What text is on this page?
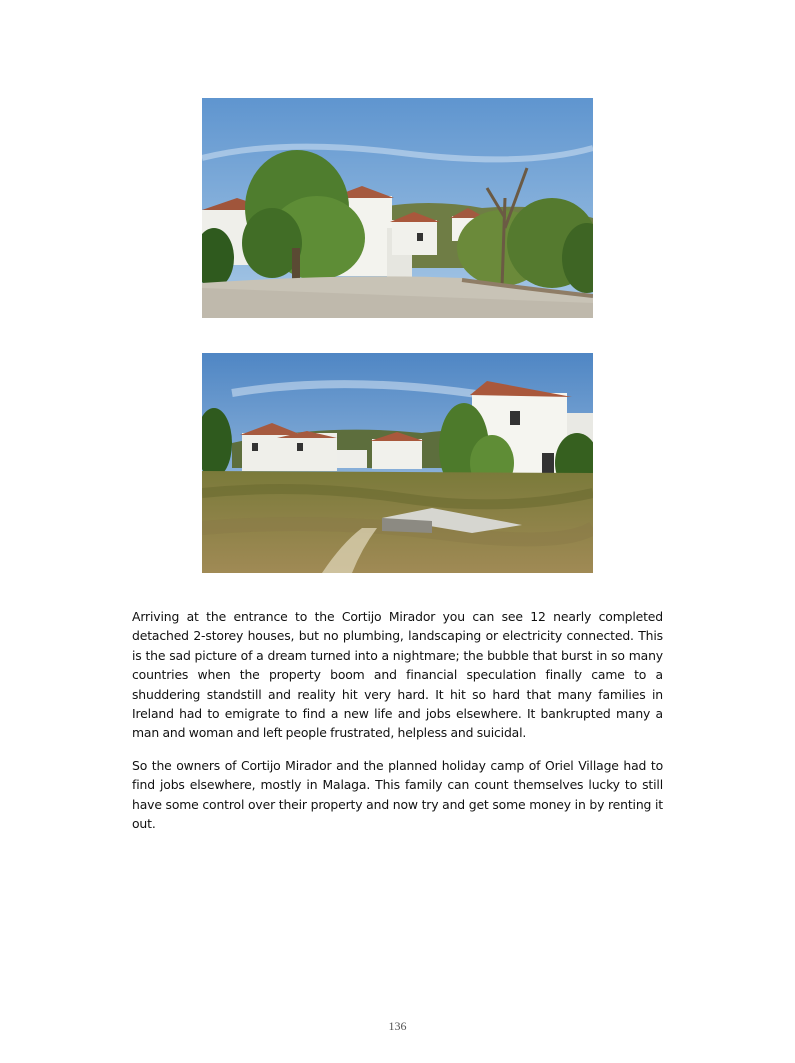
Arriving at the entrance to the Cortijo Mirador you can see 12 nearly completed detached 2-storey houses, but no plumbing, landscaping or electricity connected. This is the sad picture of a dream turned into a nightmare; the bubble that burst in so many countries when the property boom and financial speculation finally came to a shuddering standstill and reality hit very hard. It hit so hard that many families in Ireland had to emigrate to find a new life and jobs elsewhere. It bankrupted many a man and woman and left people frustrated, helpless and suicidal.

So the owners of Cortijo Mirador and the planned holiday camp of Oriel Village had to find jobs elsewhere, mostly in Malaga. This family can count themselves lucky to still have some control over their property and now try and get some money in by renting it out.

136
